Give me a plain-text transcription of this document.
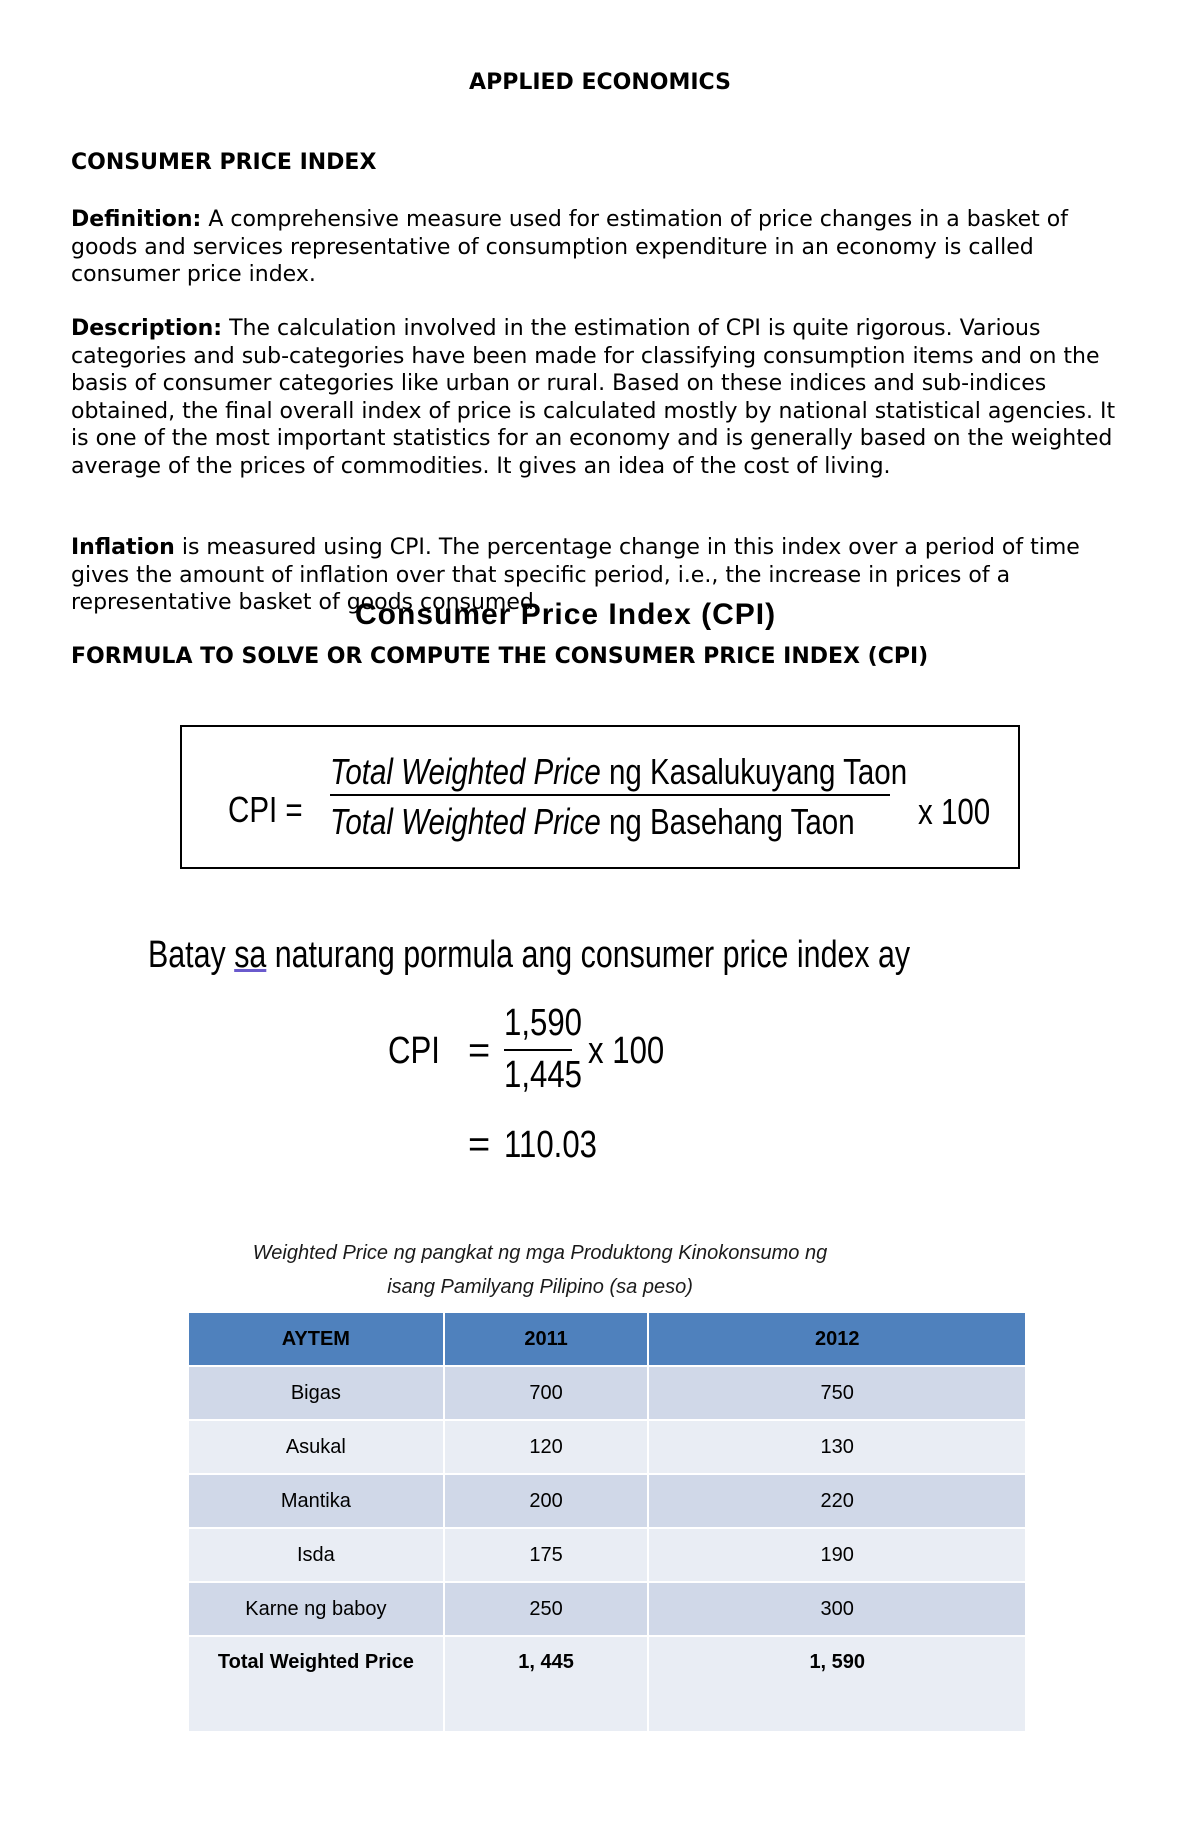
APPLIED ECONOMICS
CONSUMER PRICE INDEX
Definition: A comprehensive measure used for estimation of price changes in a basket of goods and services representative of consumption expenditure in an economy is called consumer price index.
Description: The calculation involved in the estimation of CPI is quite rigorous. Various categories and sub-categories have been made for classifying consumption items and on the basis of consumer categories like urban or rural. Based on these indices and sub-indices obtained, the final overall index of price is calculated mostly by national statistical agencies. It is one of the most important statistics for an economy and is generally based on the weighted average of the prices of commodities. It gives an idea of the cost of living.
Inflation is measured using CPI. The percentage change in this index over a period of time gives the amount of inflation over that specific period, i.e., the increase in prices of a representative basket of goods consumed.
Consumer Price Index (CPI)
FORMULA TO SOLVE OR COMPUTE THE CONSUMER PRICE INDEX (CPI)
CPI =
Total Weighted Price ng Kasalukuyang Taon
Total Weighted Price ng Basehang Taon x 100
Batay sa naturang pormula ang consumer price index ay
CPI =
1,590
1,445
x 100
= 110.03
Weighted Price ng pangkat ng mga Produktong Kinokonsumo ng
isang Pamilyang Pilipino (sa peso)
AYTEM	2011	2012
Bigas	700	750
Asukal	120	130
Mantika	200	220
Isda	175	190
Karne ng baboy	250	300
Total Weighted Price	1, 445	1, 590
